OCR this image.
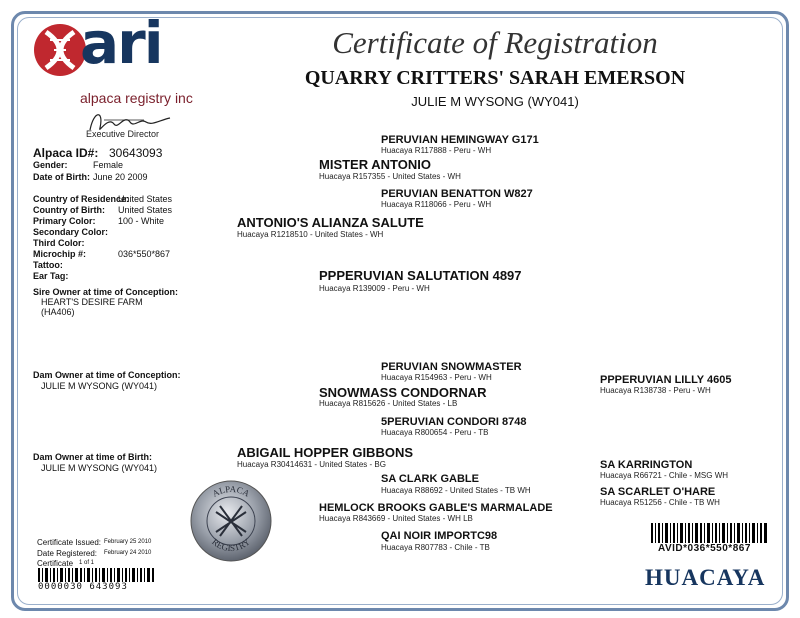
ari
alpaca registry inc
Executive Director
Certificate of Registration
QUARRY CRITTERS' SARAH EMERSON
JULIE M WYSONG (WY041)
Alpaca ID#: 30643093
Gender:	Female
Date of Birth: June 20 2009
Country of Residence:
United States
Country of Birth: United States
Primary Color: 100 - White
Secondary Color:
Third Color:
Microchip #:	036*550*867
Tattoo:
Ear Tag:
Sire Owner at time of Conception:
HEART'S DESIRE FARM
(HA406)
Dam Owner at time of Conception:
JULIE M WYSONG (WY041)
Dam Owner at time of Birth:
JULIE M WYSONG (WY041)
PERUVIAN HEMINGWAY G171
Huacaya R117888 - Peru - WH
MISTER ANTONIO
Huacaya R157355 - United States - WH
PERUVIAN BENATTON W827
Huacaya R118066 - Peru - WH
ANTONIO'S ALIANZA SALUTE
Huacaya R1218510 - United States - WH
PPPERUVIAN SALUTATION 4897
Huacaya R139009 - Peru - WH
PERUVIAN SNOWMASTER
Huacaya R154963 - Peru - WH
SNOWMASS CONDORNAR
Huacaya R815626 - United States - LB
5PERUVIAN CONDORI 8748
Huacaya R800654 - Peru - TB
ABIGAIL HOPPER GIBBONS
Huacaya R30414631 - United States - BG
SA CLARK GABLE
Huacaya R88692 - United States - TB WH
HEMLOCK BROOKS GABLE'S MARMALADE
Huacaya R843669 - United States - WH LB
QAI NOIR IMPORTC98
Huacaya R807783 - Chile - TB
PPPERUVIAN LILLY 4605
Huacaya R138738 - Peru - WH
SA KARRINGTON
Huacaya R66721 - Chile - MSG WH
SA SCARLET O'HARE
Huacaya R51256 - Chile - TB WH
ALPACA
REGISTRY
Certificate Issued: February 25 2010
Date Registered: February 24 2010
Certificate 1 of 1
0000030 643093
AVID*036*550*867
HUACAYA
